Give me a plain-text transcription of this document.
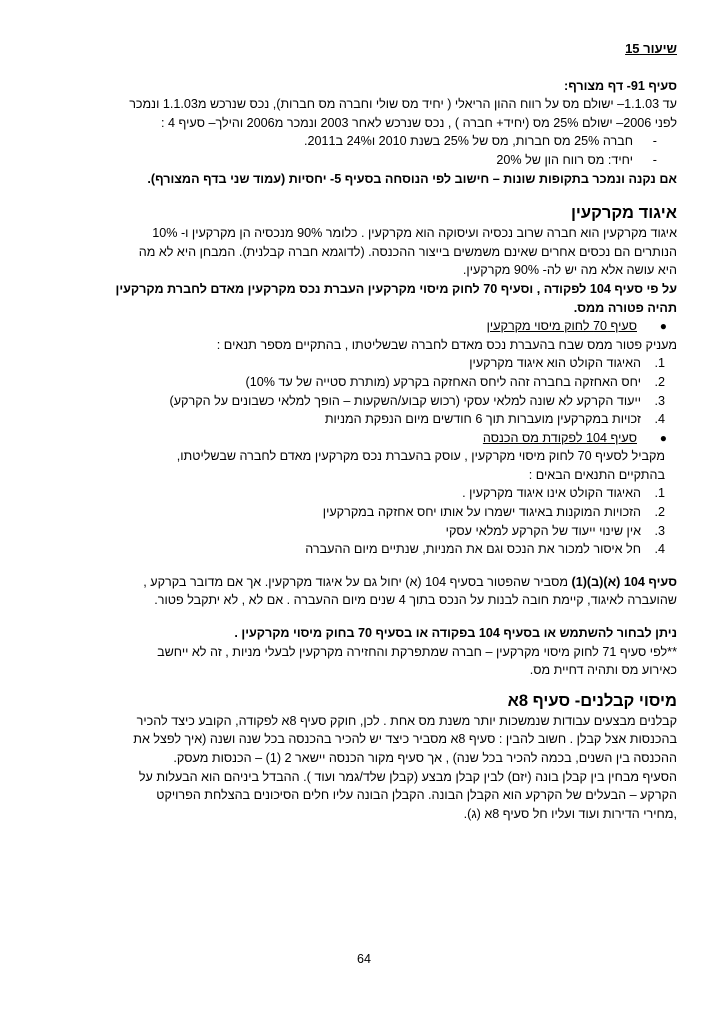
שיעור 15

סעיף 91- דף מצורף:

עד 1.1.03– ישולם מס על רווח ההון הריאלי ( יחיד מס שולי וחברה מס חברות), נכס שנרכש מ1.1.03 ונמכר

לפני 2006– ישולם 25% מס (יחיד+ חברה ) , נכס שנרכש לאחר 2003 ונמכר מ2006 והילך– סעיף 4 :

-
חברה 25% מס חברות, מס של 25% בשנת 2010 ו24% ב2011.
-
יחיד: מס רווח הון של 20%

אם נקנה ונמכר בתקופות שונות – חישוב לפי הנוסחה בסעיף 5- יחסיות (עמוד שני בדף המצורף).

איגוד מקרקעין

איגוד מקרקעין הוא חברה שרוב נכסיה ועיסוקה הוא מקרקעין . כלומר 90% מנכסיה הן מקרקעין ו- 10%

הנותרים הם נכסים אחרים שאינם משמשים בייצור ההכנסה. (לדוגמא חברה קבלנית). המבחן היא לא מה

היא עושה אלא מה יש לה- 90% מקרקעין.

על פי סעיף 104 לפקודה , וסעיף 70 לחוק מיסוי מקרקעין העברת נכס מקרקעין מאדם לחברת מקרקעין

תהיה פטורה ממס.

●
סעיף 70 לחוק מיסוי מקרקעין

מעניק פטור ממס שבח בהעברת נכס מאדם לחברה שבשליטתו , בהתקיים מספר תנאים :

1.
האיגוד הקולט הוא איגוד מקרקעין
2.
יחס האחזקה בחברה זהה ליחס האחזקה בקרקע (מותרת סטייה של עד 10%)
3.
ייעוד הקרקע לא שונה למלאי עסקי (רכוש קבוע/השקעות – הופך למלאי כשבונים על הקרקע)
4.
זכויות במקרקעין מועברות תוך 6 חודשים מיום הנפקת המניות
●
סעיף 104 לפקודת מס הכנסה

מקביל לסעיף 70 לחוק מיסוי מקרקעין , עוסק בהעברת נכס מקרקעין מאדם לחברה שבשליטתו,

בהתקיים התנאים הבאים :

1.
האיגוד הקולט אינו איגוד מקרקעין .
2.
הזכויות המוקנות באיגוד ישמרו על אותו יחס אחזקה במקרקעין
3.
אין שינוי ייעוד של הקרקע למלאי עסקי
4.
חל איסור למכור את הנכס וגם את המניות, שנתיים מיום ההעברה

סעיף 104 (א)(ב)(1) מסביר שהפטור בסעיף 104 (א) יחול גם על איגוד מקרקעין. אך אם מדובר בקרקע ,

שהועברה לאיגוד, קיימת חובה לבנות על הנכס בתוך 4 שנים מיום ההעברה . אם לא , לא יתקבל פטור.

ניתן לבחור להשתמש או בסעיף 104 בפקודה או בסעיף 70 בחוק מיסוי מקרקעין .

**לפי סעיף 71 לחוק מיסוי מקרקעין – חברה שמתפרקת והחזירה מקרקעין לבעלי מניות , זה לא ייחשב

כאירוע מס ותהיה דחיית מס.

מיסוי קבלנים- סעיף 8א

קבלנים מבצעים עבודות שנמשכות יותר משנת מס אחת . לכן, חוקק סעיף 8א לפקודה, הקובע כיצד להכיר

בהכנסות אצל קבלן . חשוב להבין : סעיף 8א מסביר כיצד יש להכיר בהכנסה בכל שנה ושנה (איך לפצל את

ההכנסה בין השנים, בכמה להכיר בכל שנה) , אך סעיף מקור הכנסה יישאר 2 (1) – הכנסות מעסק.

הסעיף מבחין בין קבלן בונה (יזם) לבין קבלן מבצע (קבלן שלד/גמר ועוד ). ההבדל ביניהם הוא הבעלות על

הקרקע – הבעלים של הקרקע הוא הקבלן הבונה. הקבלן הבונה עליו חלים הסיכונים בהצלחת הפרויקט

,מחירי הדירות ועוד ועליו חל סעיף 8א (ג).

64
